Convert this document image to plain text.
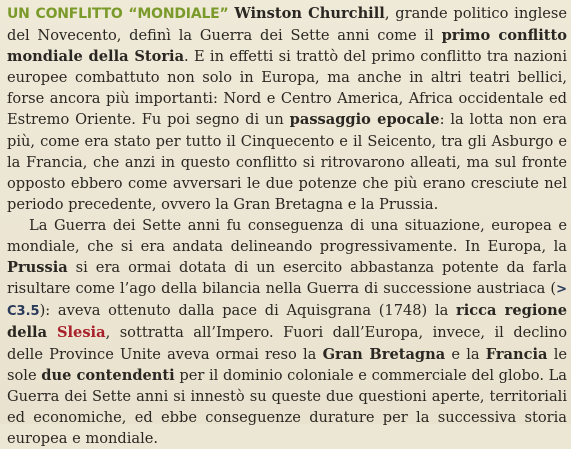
UN CONFLITTO “MONDIALE” Winston Churchill, grande politico inglese del Novecento, definì la Guerra dei Sette anni come il primo conflitto mondiale della Storia. E in effetti si trattò del primo conflitto tra nazioni europee combattuto non solo in Europa, ma anche in altri teatri bellici, forse ancora più importanti: Nord e Centro America, Africa occidentale ed Estremo Oriente. Fu poi segno di un passaggio epocale: la lotta non era più, come era stato per tutto il Cinquecento e il Seicento, tra gli Asburgo e la Francia, che anzi in questo conflitto si ritrovarono alleati, ma sul fronte opposto ebbero come avversari le due potenze che più erano cresciute nel periodo precedente, ovvero la Gran Bretagna e la Prussia.

La Guerra dei Sette anni fu conseguenza di una situazione, europea e mondiale, che si era andata delineando progressivamente. In Europa, la Prussia si era ormai dotata di un esercito abbastanza potente da farla risultare come l’ago della bilancia nella Guerra di successione austriaca (> C3.5): aveva ottenuto dalla pace di Aquisgrana (1748) la ricca regione della Slesia, sottratta all’Impero. Fuori dall’Europa, invece, il declino delle Province Unite aveva ormai reso la Gran Bretagna e la Francia le sole due contendenti per il dominio coloniale e commerciale del globo. La Guerra dei Sette anni si innestò su queste due questioni aperte, territoriali ed economiche, ed ebbe conseguenze durature per la successiva storia europea e mondiale.
